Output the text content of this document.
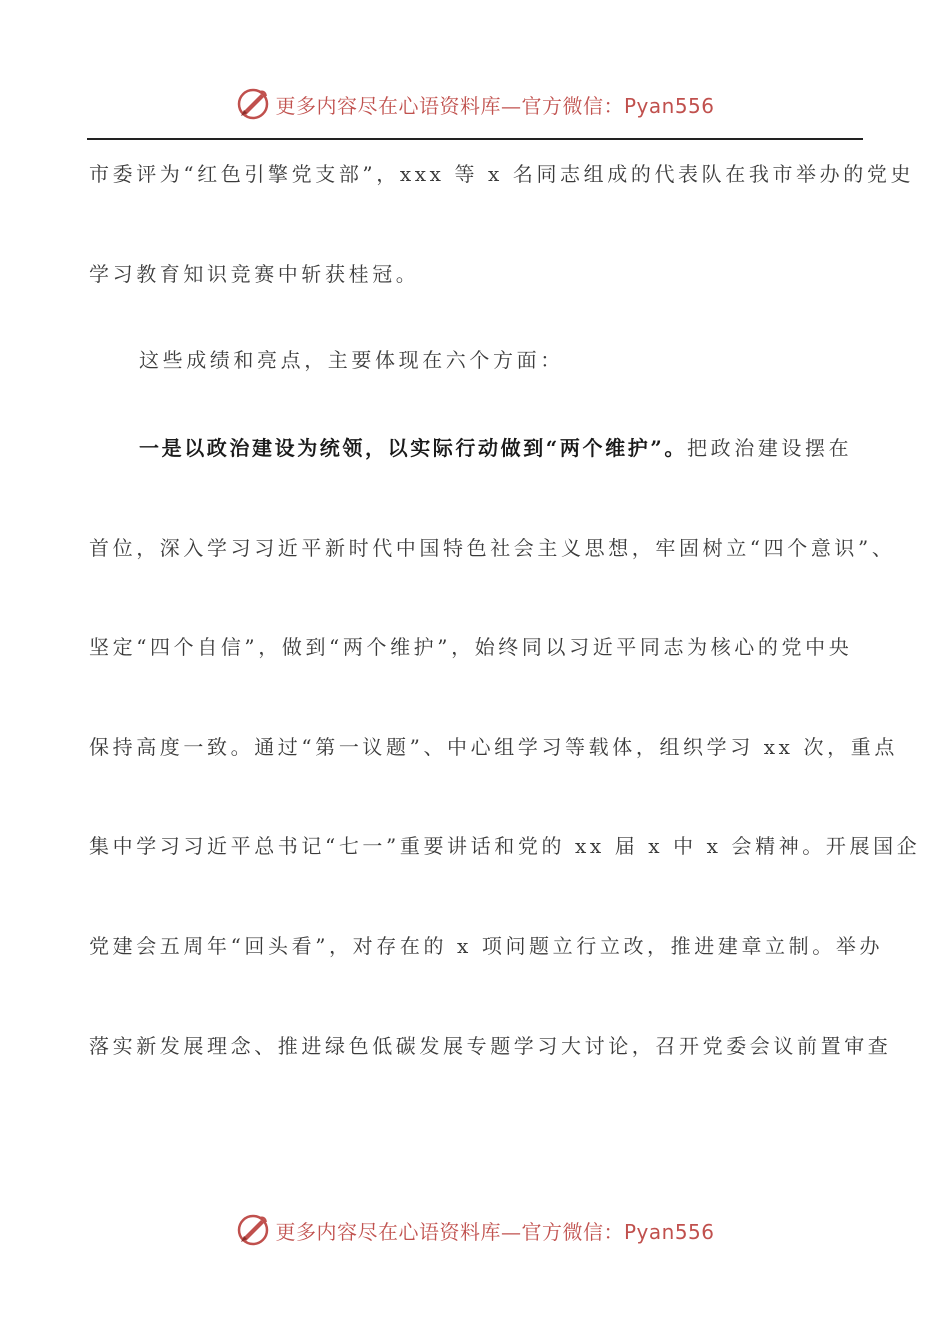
更多内容尽在心语资料库—官方微信：Pyan556
市委评为“红色引擎党支部”，xxx 等 x 名同志组成的代表队在我市举办的党史
学习教育知识竞赛中斩获桂冠。
这些成绩和亮点，主要体现在六个方面：
一是以政治建设为统领，以实际行动做到“两个维护”。把政治建设摆在
首位，深入学习习近平新时代中国特色社会主义思想，牢固树立“四个意识”、
坚定“四个自信”，做到“两个维护”，始终同以习近平同志为核心的党中央
保持高度一致。通过“第一议题”、中心组学习等载体，组织学习 xx 次，重点
集中学习习近平总书记“七一”重要讲话和党的 xx 届 x 中 x 会精神。开展国企
党建会五周年“回头看”，对存在的 x 项问题立行立改，推进建章立制。举办
落实新发展理念、推进绿色低碳发展专题学习大讨论，召开党委会议前置审查
更多内容尽在心语资料库—官方微信：Pyan556
